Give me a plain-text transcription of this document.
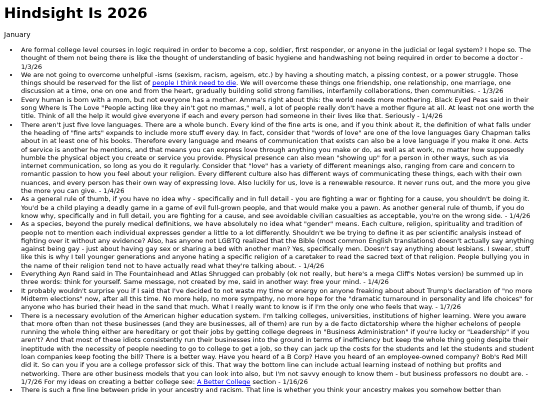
Hindsight Is 2026
January
• Are formal college level courses in logic required in order to become a cop, soldier, first responder, or anyone in the judicial or legal system? I hope so. The thought of them not being there is like the thought of understanding of basic hygiene and handwashing not being required in order to become a doctor - 1/3/26
• We are not going to overcome unhelpful -isms (sexism, racism, ageism, etc.) by having a shouting match, a pissing contest, or a power struggle. Those things should be reserved for the list of people I think need to die. We will overcome these things one friendship, one relationship, one marriage, one discussion at a time, one on one and from the heart, gradually building solid strong families, interfamily collaborations, then communities. - 1/3/26
• Every human is born with a mom, but not everyone has a mother. Amma's right about this: the world needs more mothering. Black Eyed Peas said in their song Where Is The Love "People acting like they ain't got no mamas," well, a lot of people really don't have a mother figure at all. At least not one worth the title. Think of all the help it would give everyone if each and every person had someone in their lives like that. Seriously - 1/4/26
• There aren't just five love languages. There are a whole bunch. Every kind of the fine arts is one, and if you think about it, the definition of what falls under the heading of "fine arts" expands to include more stuff every day. In fact, consider that "words of love" are one of the love languages Gary Chapman talks about in at least one of his books. Therefore every language and means of communication that exists can also be a love language if you make it one. Acts of service is another he mentions, and that means you can express love through anything you make or do, as well as at work, no matter how supposedly humble the physical object you create or service you provide. Physical presence can also mean "showing up" for a person in other ways, such as via internet communication, so long as you do it regularly. Consider that "love" has a variety of different meanings also, ranging from care and concern to romantic passion to how you feel about your religion. Every different culture also has different ways of communicating these things, each with their own nuances, and every person has their own way of expressing love. Also luckily for us, love is a renewable resource. It never runs out, and the more you give the more you can give. - 1/4/26
• As a general rule of thumb, if you have no idea why - specifically and in full detail - you are fighting a war or fighting for a cause, you shouldn't be doing it. You'd be a child playing a deadly game in a game of evil full-grown people, and that would make you a pawn. As another general rule of thumb, if you do know why, specifically and in full detail, you are fighting for a cause, and see avoidable civilian casualties as acceptable, you're on the wrong side. - 1/4/26
• As a species, beyond the purely medical definitions, we have absolutely no idea what "gender" means. Each culture, religion, spirituality and tradition of people not to mention each individual expresses gender a little to a lot differently. Shouldn't we be trying to define it as per scientific analysis instead of fighting over it without any evidence? Also, has anyone not LGBTQ realized that the Bible (most common English translations) doesn't actually say anything against being gay - just about having gay sex or sharing a bed with another man? Yes, specifically men. Doesn't say anything about lesbians. I swear, stuff like this is why I tell younger generations and anyone hating a specific religion of a caretaker to read the sacred text of that religion. People bullying you in the name of their religion tend not to have actually read what they're talking about. - 1/4/26
• Everything Ayn Rand said in The Fountainhead and Atlas Shrugged can probably (ok not really, but here's a mega Cliff's Notes version) be summed up in three words: think for yourself. Same message, not created by me, said in another way: free your mind. - 1/4/26
• It probably wouldn't surprise you if I said that I've decided to not waste my time or energy on anyone freaking about about Trump's declaration of "no more Midterm elections" now, after all this time. No more help, no more sympathy, no more hope for the "dramatic turnaround in personality and life choices" for anyone who has buried their head in the sand that much. What I really want to know is if I'm the only one who feels that way. - 1/7/26
• There is a necessary evolution of the American higher education system. I'm talking colleges, universities, institutions of higher learning. Were you aware that more often than not these businesses (and they are businesses, all of them) are run by a de facto dictatorship where the higher echelons of people running the whole thing either are hereditary or got their jobs by getting college degrees in "Business Administration" if you're lucky or "Leadership" if you aren't? And that most of these idiots consistently run their businesses into the ground in terms of inefficiency but keep the whole thing going despite their ineptitude with the necessity of people needing to go to college to get a job, so they can jack up the costs for the students and let the students and student loan companies keep footing the bill? There is a better way. Have you heard of a B Corp? Have you heard of an employee-owned company? Bob's Red Mill did it. So can you if you are a college professor sick of this. That way the bottom line can include actual learning instead of nothing but profits and networking. There are other business models that you can look into also, but I'm not savvy enough to know them - but business professors no doubt are. - 1/7/26 For my ideas on creating a better college see: A Better College section - 1/16/26
• There is such a fine line between pride in your ancestry and racism. That line is whether you think your ancestry makes you somehow better than
